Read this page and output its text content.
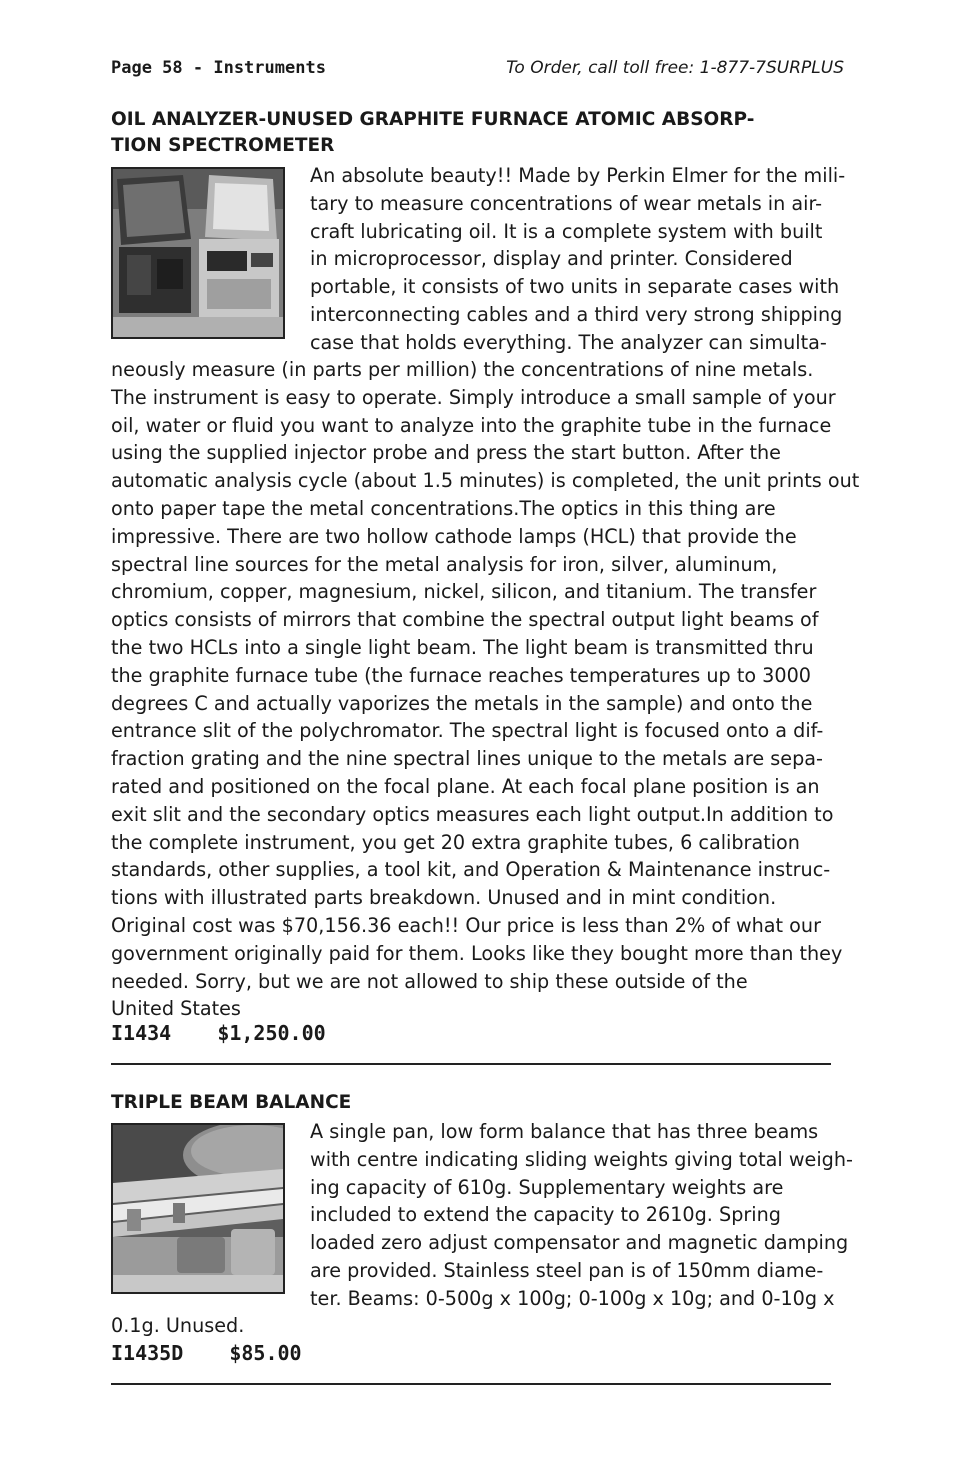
Page 58 - Instruments	To Order, call toll free: 1-877-7SURPLUS
OIL ANALYZER-UNUSED GRAPHITE FURNACE ATOMIC ABSORP-
TION SPECTROMETER

An absolute beauty!! Made by Perkin Elmer for the mili-

tary to measure concentrations of wear metals in air-

craft lubricating oil. It is a complete system with built

in microprocessor, display and printer. Considered

portable, it consists of two units in separate cases with

interconnecting cables and a third very strong shipping

case that holds everything. The analyzer can simulta-

neously measure (in parts per million) the concentrations of nine metals.

The instrument is easy to operate. Simply introduce a small sample of your

oil, water or fluid you want to analyze into the graphite tube in the furnace

using the supplied injector probe and press the start button. After the

automatic analysis cycle (about 1.5 minutes) is completed, the unit prints out

onto paper tape the metal concentrations.The optics in this thing are

impressive. There are two hollow cathode lamps (HCL) that provide the

spectral line sources for the metal analysis for iron, silver, aluminum,

chromium, copper, magnesium, nickel, silicon, and titanium. The transfer

optics consists of mirrors that combine the spectral output light beams of

the two HCLs into a single light beam. The light beam is transmitted thru

the graphite furnace tube (the furnace reaches temperatures up to 3000

degrees C and actually vaporizes the metals in the sample) and onto the

entrance slit of the polychromator. The spectral light is focused onto a dif-

fraction grating and the nine spectral lines unique to the metals are sepa-

rated and positioned on the focal plane. At each focal plane position is an

exit slit and the secondary optics measures each light output.In addition to

the complete instrument, you get 20 extra graphite tubes, 6 calibration

standards, other supplies, a tool kit, and Operation & Maintenance instruc-

tions with illustrated parts breakdown. Unused and in mint condition.

Original cost was $70,156.36 each!! Our price is less than 2% of what our

government originally paid for them. Looks like they bought more than they

needed. Sorry, but we are not allowed to ship these outside of the

United States

I1434 $1,250.00
TRIPLE BEAM BALANCE

A single pan, low form balance that has three beams

with centre indicating sliding weights giving total weigh-

ing capacity of 610g. Supplementary weights are

included to extend the capacity to 2610g. Spring

loaded zero adjust compensator and magnetic damping

are provided. Stainless steel pan is of 150mm diame-

ter. Beams: 0-500g x 100g; 0-100g x 10g; and 0-10g x

0.1g. Unused.

I1435D $85.00
